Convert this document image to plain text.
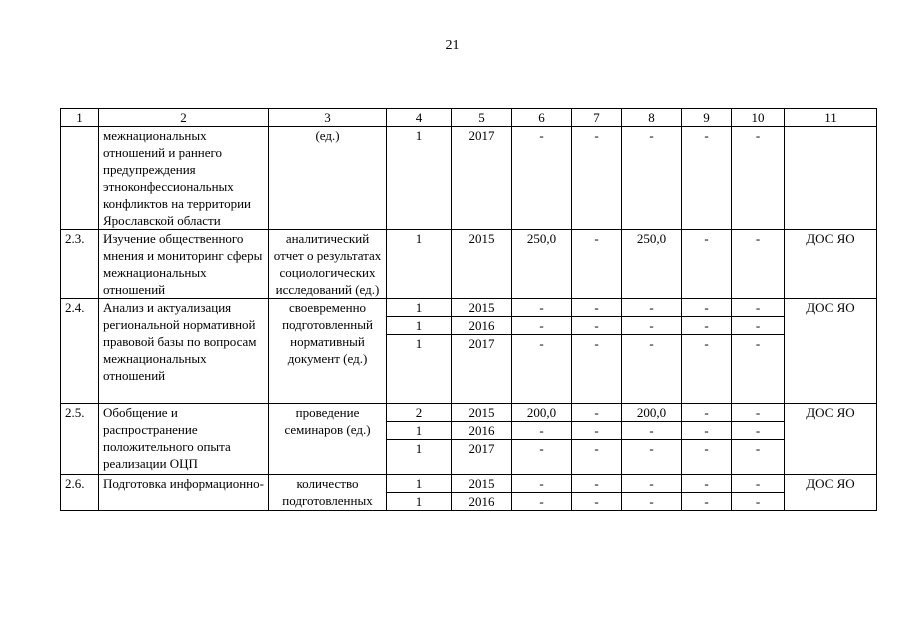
21
1	2	3	4	5	6	7	8	9	10	11
	межнациональных отношений и раннего предупреждения этноконфессиональных конфликтов на территории Ярославской области	(ед.)	1	2017	-	-	-	-	-	
2.3.	Изучение общественного мнения и мониторинг сферы межнациональных отношений	аналитический отчет о результатах социологических исследований (ед.)	1	2015	250,0	-	250,0	-	-	ДОС ЯО
2.4.	Анализ и актуализация региональной нормативной правовой базы по вопросам межнациональных отношений	своевременно подготовленный нормативный документ (ед.)	1	2015	-	-	-	-	-	ДОС ЯО
			1	2016	-	-	-	-	-	
			1	2017	-	-	-	-	-	
2.5.	Обобщение и распространение положительного опыта реализации ОЦП	проведение семинаров (ед.)	2	2015	200,0	-	200,0	-	-	ДОС ЯО
			1	2016	-	-	-	-	-	
			1	2017	-	-	-	-	-	
2.6.	Подготовка информационно-	количество подготовленных	1	2015	-	-	-	-	-	ДОС ЯО
			1	2016	-	-	-	-	-	
